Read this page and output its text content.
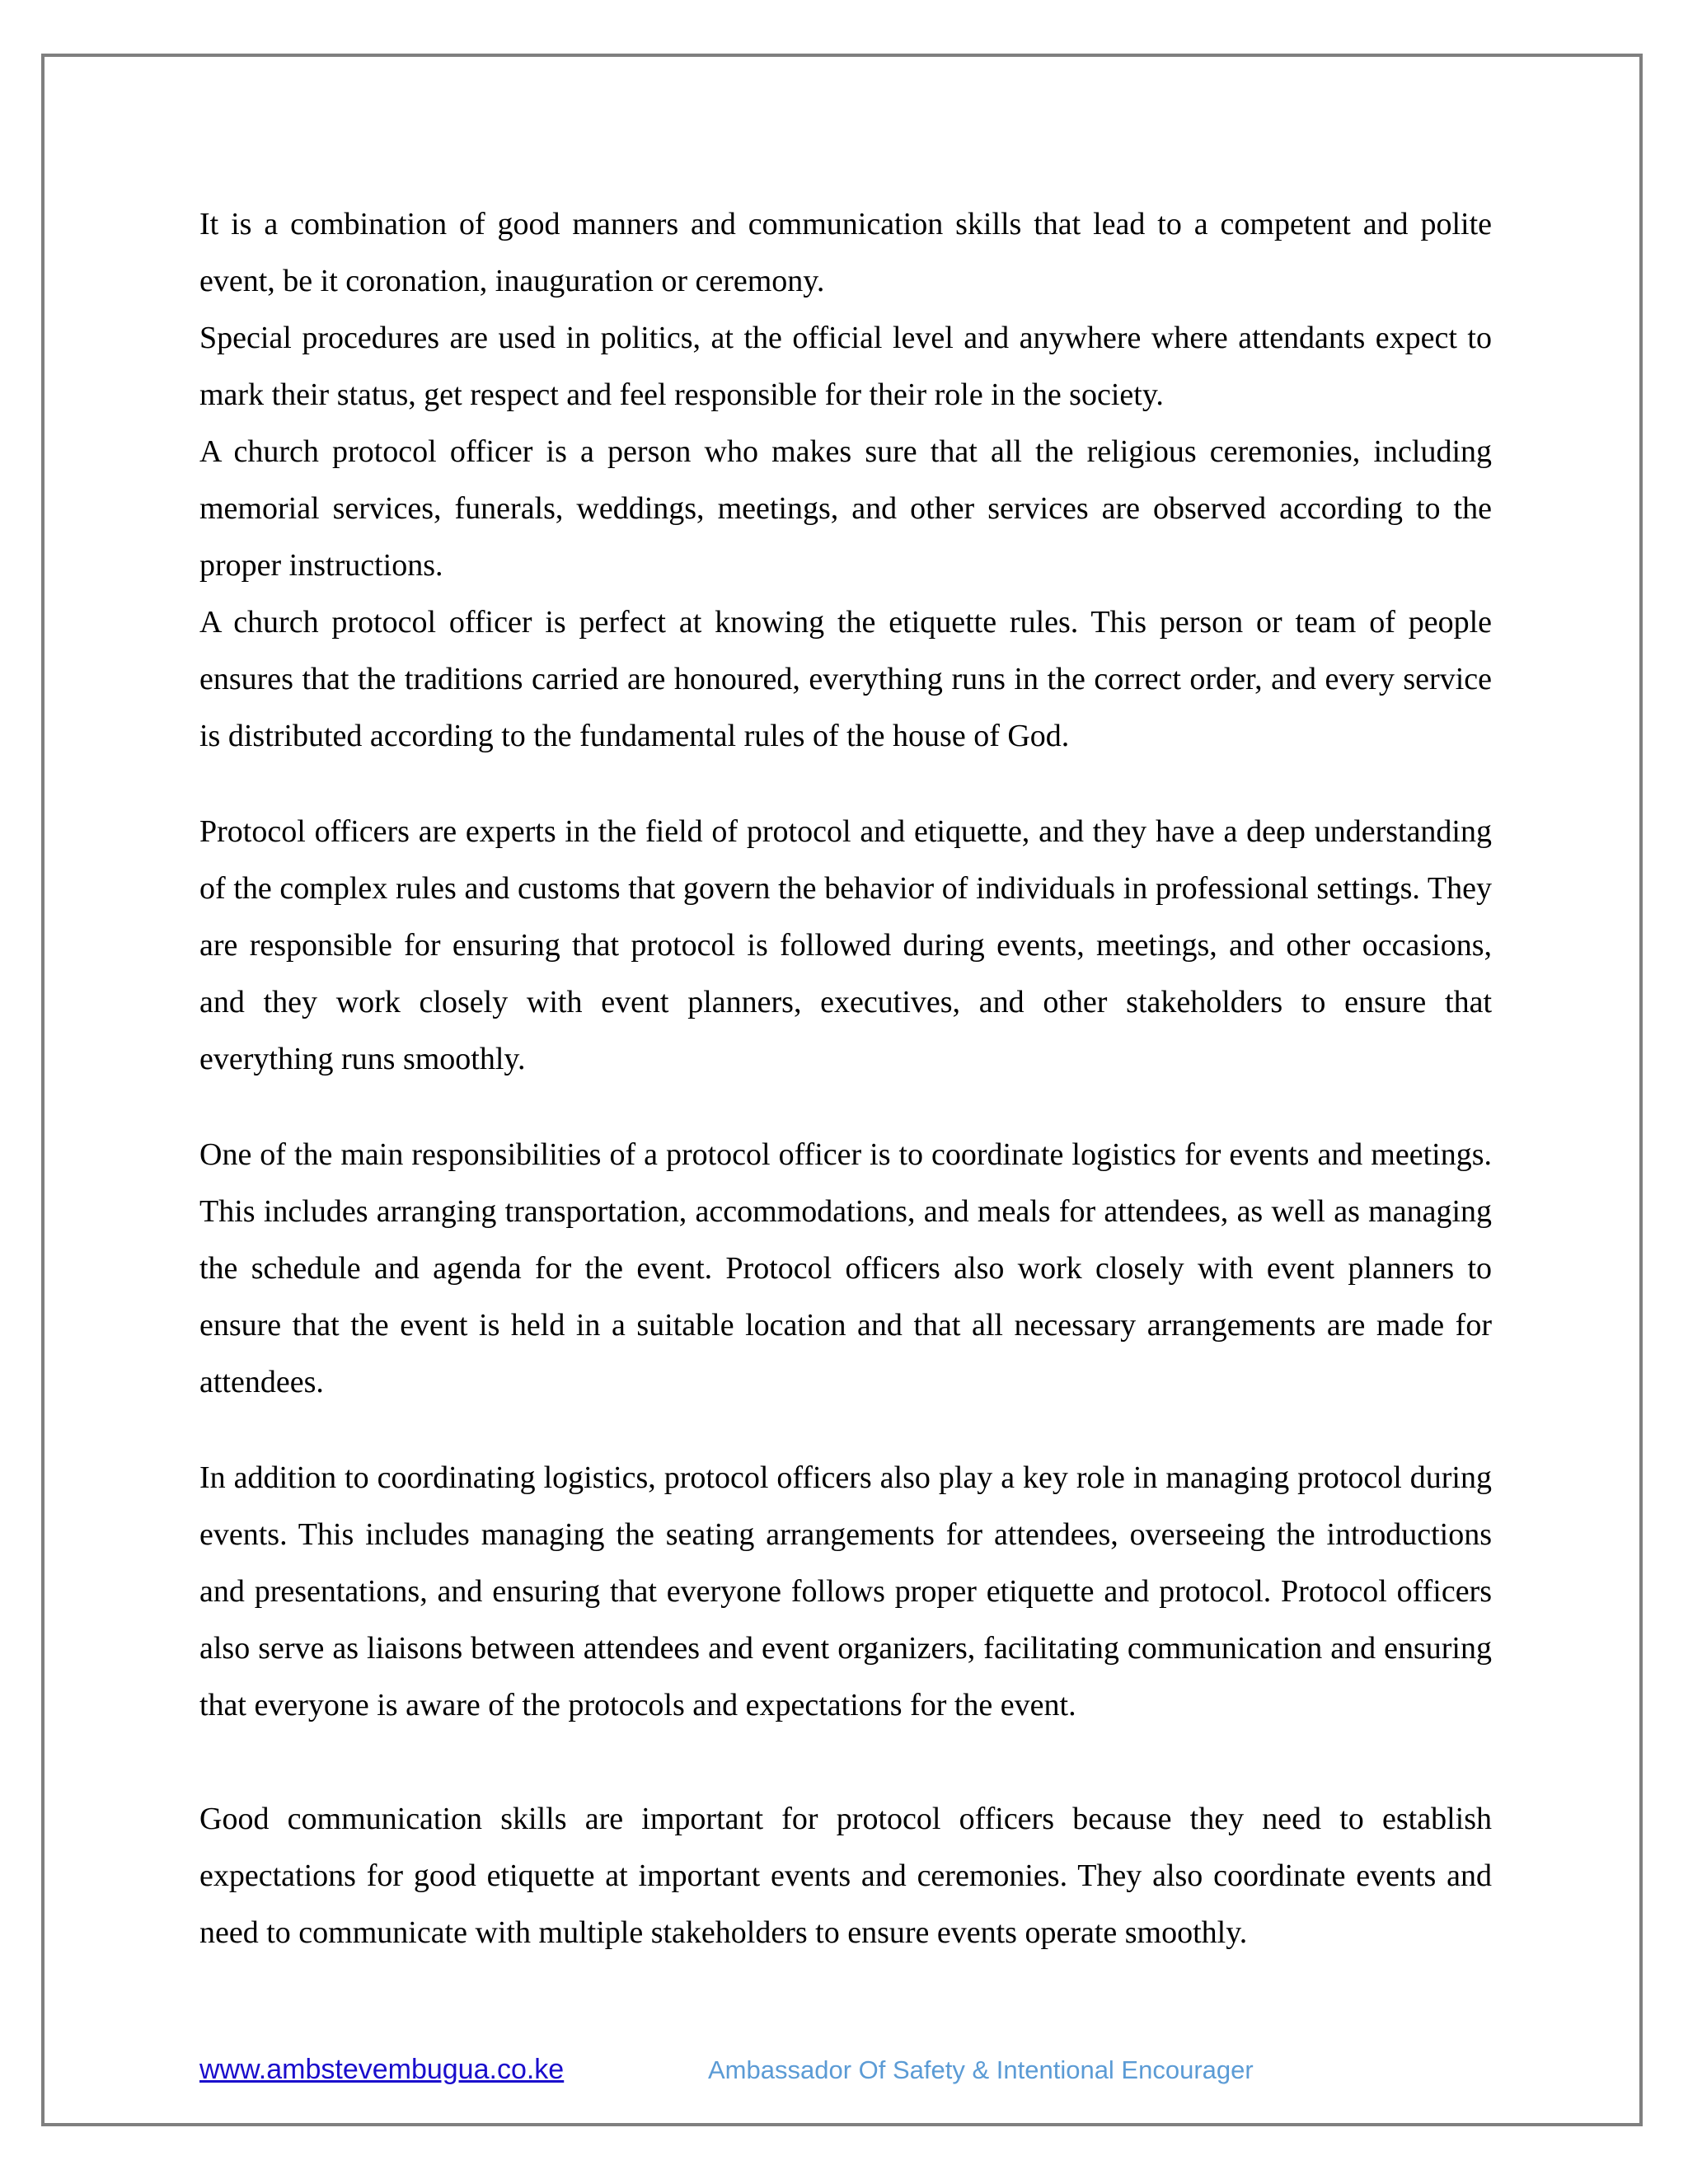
It is a combination of good manners and communication skills that lead to a competent and polite event, be it coronation, inauguration or ceremony.

Special procedures are used in politics, at the official level and anywhere where attendants expect to mark their status, get respect and feel responsible for their role in the society.

A church protocol officer is a person who makes sure that all the religious ceremonies, including memorial services, funerals, weddings, meetings, and other services are observed according to the proper instructions.

A church protocol officer is perfect at knowing the etiquette rules. This person or team of people ensures that the traditions carried are honoured, everything runs in the correct order, and every service is distributed according to the fundamental rules of the house of God.

Protocol officers are experts in the field of protocol and etiquette, and they have a deep understanding of the complex rules and customs that govern the behavior of individuals in professional settings. They are responsible for ensuring that protocol is followed during events, meetings, and other occasions, and they work closely with event planners, executives, and other stakeholders to ensure that everything runs smoothly.

One of the main responsibilities of a protocol officer is to coordinate logistics for events and meetings. This includes arranging transportation, accommodations, and meals for attendees, as well as managing the schedule and agenda for the event. Protocol officers also work closely with event planners to ensure that the event is held in a suitable location and that all necessary arrangements are made for attendees.

In addition to coordinating logistics, protocol officers also play a key role in managing protocol during events. This includes managing the seating arrangements for attendees, overseeing the introductions and presentations, and ensuring that everyone follows proper etiquette and protocol. Protocol officers also serve as liaisons between attendees and event organizers, facilitating communication and ensuring that everyone is aware of the protocols and expectations for the event.

Good communication skills are important for protocol officers because they need to establish expectations for good etiquette at important events and ceremonies. They also coordinate events and need to communicate with multiple stakeholders to ensure events operate smoothly.

www.ambstevembugua.co.ke	Ambassador Of Safety & Intentional Encourager
